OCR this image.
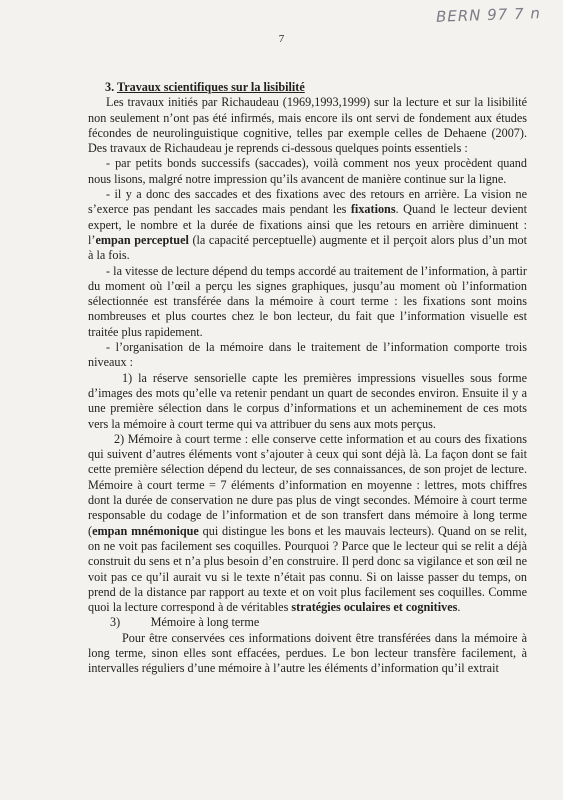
BERN 97 7 n
7

3. Travaux scientifiques sur la lisibilité

Les travaux initiés par Richaudeau (1969,1993,1999) sur la lecture et sur la lisibilité non seulement n’ont pas été infirmés, mais encore ils ont servi de fondement aux études fécondes de neurolinguistique cognitive, telles par exemple celles de Dehaene (2007). Des travaux de Richaudeau je reprends ci-dessous quelques points essentiels :

- par petits bonds successifs (saccades), voilà comment nos yeux procèdent quand nous lisons, malgré notre impression qu’ils avancent de manière continue sur la ligne.

- il y a donc des saccades et des fixations avec des retours en arrière. La vision ne s’exerce pas pendant les saccades mais pendant les fixations. Quand le lecteur devient expert, le nombre et la durée de fixations ainsi que les retours en arrière diminuent : l’empan perceptuel (la capacité perceptuelle) augmente et il perçoit alors plus d’un mot à la fois.

- la vitesse de lecture dépend du temps accordé au traitement de l’information, à partir du moment où l’œil a perçu les signes graphiques, jusqu’au moment où l’information sélectionnée est transférée dans la mémoire à court terme : les fixations sont moins nombreuses et plus courtes chez le bon lecteur, du fait que l’information visuelle est traitée plus rapidement.

- l’organisation de la mémoire dans le traitement de l’information comporte trois niveaux :

1) la réserve sensorielle capte les premières impressions visuelles sous forme d’images des mots qu’elle va retenir pendant un quart de secondes environ. Ensuite il y a une première sélection dans le corpus d’informations et un acheminement de ces mots vers la mémoire à court terme qui va attribuer du sens aux mots perçus.

2) Mémoire à court terme : elle conserve cette information et au cours des fixations qui suivent d’autres éléments vont s’ajouter à ceux qui sont déjà là. La façon dont se fait cette première sélection dépend du lecteur, de ses connaissances, de son projet de lecture. Mémoire à court terme = 7 éléments d’information en moyenne : lettres, mots chiffres dont la durée de conservation ne dure pas plus de vingt secondes. Mémoire à court terme responsable du codage de l’information et de son transfert dans mémoire à long terme (empan mnémonique qui distingue les bons et les mauvais lecteurs). Quand on se relit, on ne voit pas facilement ses coquilles. Pourquoi ? Parce que le lecteur qui se relit a déjà construit du sens et n’a plus besoin d’en construire. Il perd donc sa vigilance et son œil ne voit pas ce qu’il aurait vu si le texte n’était pas connu. Si on laisse passer du temps, on prend de la distance par rapport au texte et on voit plus facilement ses coquilles. Comme quoi la lecture correspond à de véritables stratégies oculaires et cognitives.

3)          Mémoire à long terme

Pour être conservées ces informations doivent être transférées dans la mémoire à long terme, sinon elles sont effacées, perdues. Le bon lecteur transfère facilement, à intervalles réguliers d’une mémoire à l’autre les éléments d’information qu’il extrait
